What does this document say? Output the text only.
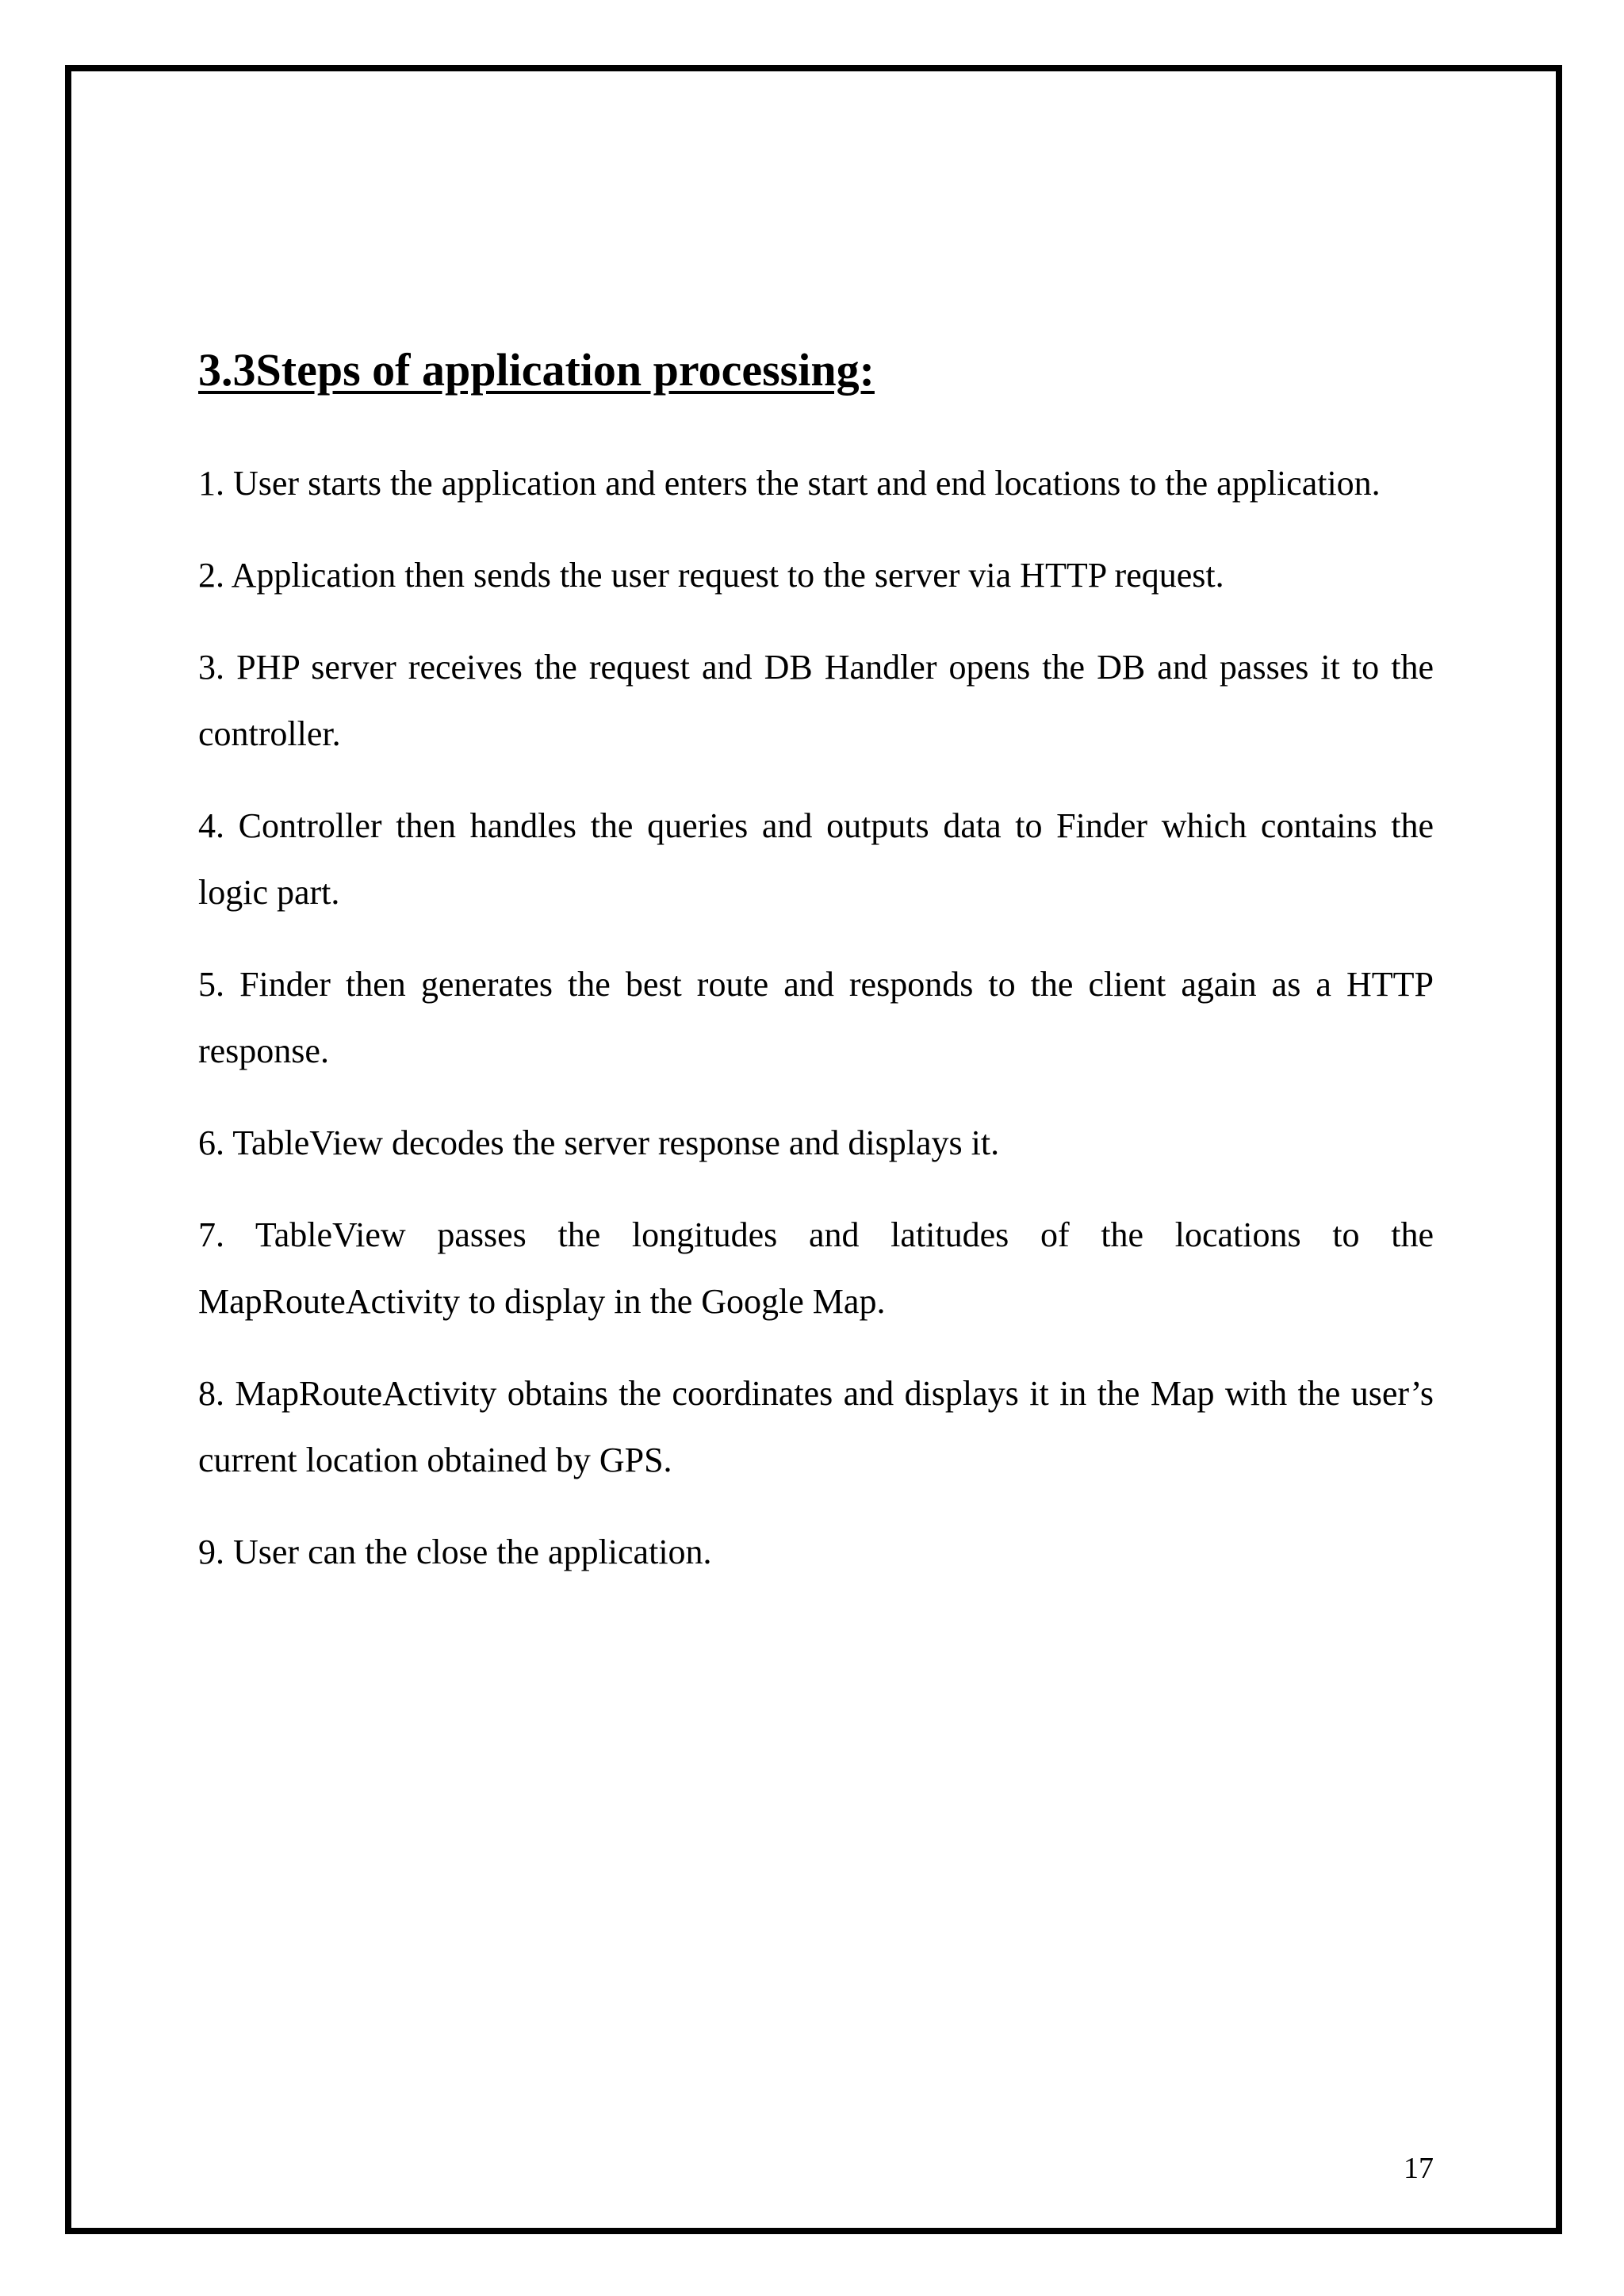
3.3Steps of application processing:
1. User starts the application and enters the start and end locations to the application.
2. Application then sends the user request to the server via HTTP request.
3. PHP server receives the request and DB Handler opens the DB and passes it to the controller.
4. Controller then handles the queries and outputs data to Finder which contains the logic part.
5. Finder then generates the best route and responds to the client again as a HTTP response.
6. TableView decodes the server response and displays it.
7. TableView passes the longitudes and latitudes of the locations to the MapRouteActivity to display in the Google Map.
8. MapRouteActivity obtains the coordinates and displays it in the Map with the user’s current location obtained by GPS.
9. User can the close the application.
17
